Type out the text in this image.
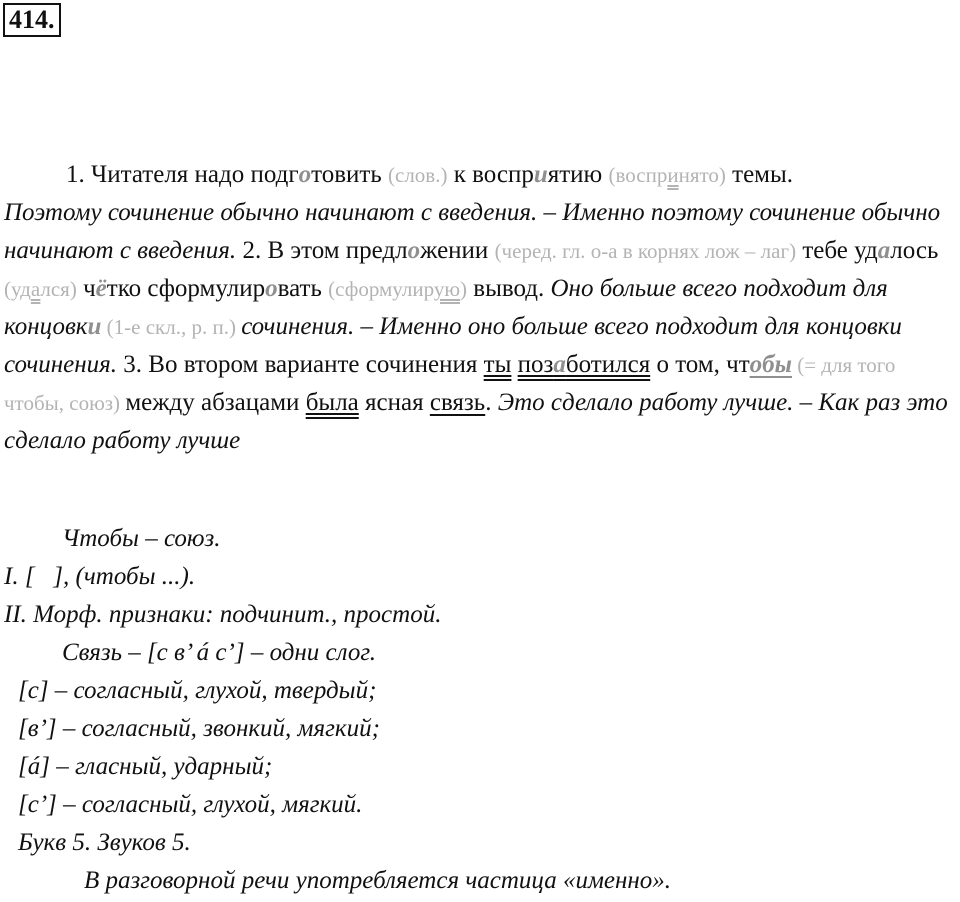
414.

1. Читателя надо подготовить (слов.) к восприятию (воспринято) темы.
Поэтому сочинение обычно начинают с введения. – Именно поэтому сочинение обычно начинают с введения. 2. В этом предложении (черед. гл. о-а в корнях лож – лаг) тебе удалось (удался) чётко сформулировать (сформулирую) вывод. Оно больше всего подходит для концовки (1-е скл., р. п.) сочинения. – Именно оно больше всего подходит для концовки сочинения. 3. Во втором варианте сочинения ты позаботился о том, чтобы (= для того чтобы, союз) между абзацами была ясная связь. Это сделало работу лучше. – Как раз это сделало работу лучше

Чтобы – союз.
I. [   ], (чтобы ...).
II. Морф. признаки: подчинит., простой.
Связь – [с в’ á с’] – одни слог.
[с] – согласный, глухой, твердый;
[в’] – согласный, звонкий, мягкий;
[á] – гласный, ударный;
[с’] – согласный, глухой, мягкий.
Букв 5. Звуков 5.
В разговорной речи употребляется частица «именно».
